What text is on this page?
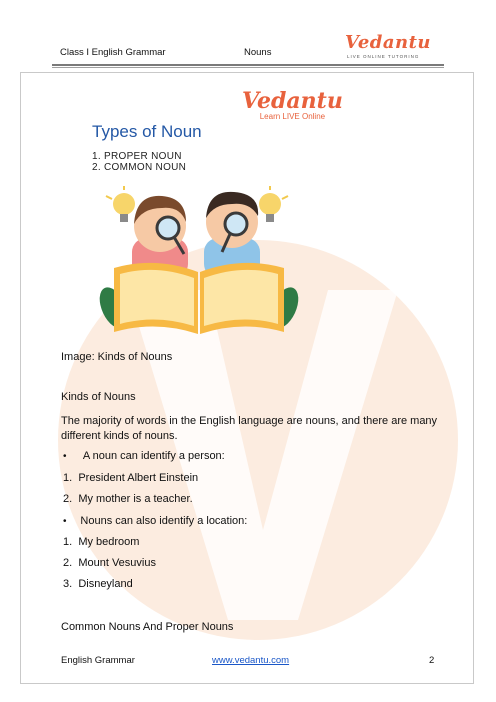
Class I English Grammar	Nouns	Vedantu
LIVE ONLINE TUTORING
Vedantu
Learn LIVE Online
Types of Noun
1. PROPER NOUN
2. COMMON NOUN
Image: Kinds of Nouns
Kinds of Nouns
The majority of words in the English language are nouns, and there are many different kinds of nouns.
•      A noun can identify a person:
1. President Albert Einstein
2. My mother is a teacher.
•     Nouns can also identify a location:
1. My bedroom
2. Mount Vesuvius
3. Disneyland
Common Nouns And Proper Nouns
English Grammar	www.vedantu.com	2
